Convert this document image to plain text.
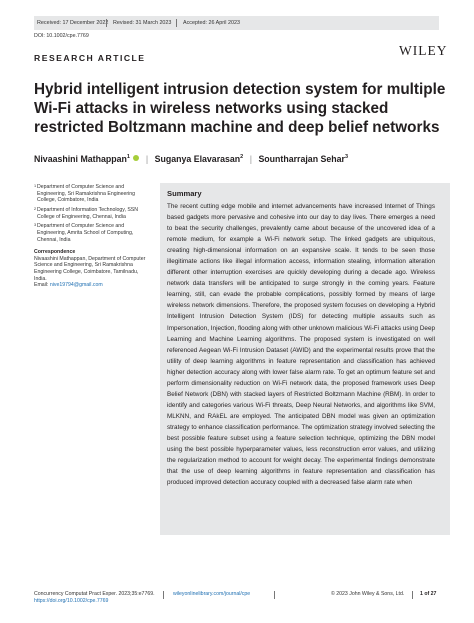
Received: 17 December 2022 Revised: 31 March 2023 Accepted: 26 April 2023
DOI: 10.1002/cpe.7769
WILEY
RESEARCH ARTICLE
Hybrid intelligent intrusion detection system for multiple Wi-Fi attacks in wireless networks using stacked restricted Boltzmann machine and deep belief networks
Nivaashini Mathappan$^1$ | Suganya Elavarasan$^2$ | Sountharrajan Sehar$^3$
1 Department of Computer Science and Engineering, Sri Ramakrishna Engineering College, Coimbatore, India
2 Department of Information Technology, SSN College of Engineering, Chennai, India
3 Department of Computer Science and Engineering, Amrita School of Computing, Chennai, India
Correspondence
Nivaashini Mathappan, Department of Computer Science and Engineering, Sri Ramakrishna Engineering College, Coimbatore, Tamilnadu, India.
Email: nive19794@gmail.com
Summary

The recent cutting edge mobile and internet advancements have increased Internet of Things based gadgets more pervasive and cohesive into our day to day lives. There emerges a need to beat the security challenges, prevalently came about because of the uncovered idea of a remote medium, for example a Wi-Fi network setup. The linked gadgets are ubiquitous, creating high-dimensional information on an expansive scale. It tends to be seen those illegitimate actions like illegal information access, information stealing, information alteration different other interruption exercises are quickly developing during a decade ago. Wireless network data transfers will be anticipated to surge strongly in the coming years. Feature learning, still, can evade the probable complications, possibly formed by means of large wireless network dimensions. Therefore, the proposed system focuses on developing a Hybrid Intelligent Intrusion Detection System (IDS) for detecting multiple assaults such as Impersonation, Injection, flooding along with other unknown malicious Wi-Fi attacks using Deep Learning and Machine Learning algorithms. The proposed system is investigated on well referenced Aegean Wi-Fi Intrusion Dataset (AWID) and the experimental results prove that the utility of deep learning algorithms in feature representation and classification has achieved higher detection accuracy along with lower false alarm rate. To get an optimum feature set and perform dimensionality reduction on Wi-Fi network data, the proposed framework uses Deep Belief Network (DBN) with stacked layers of Restricted Boltzmann Machine (RBM). In order to identify and categories various Wi-Fi threats, Deep Neural Networks, and algorithms like SVM, MLKNN, and RAkEL are employed. The anticipated DBN model was given an optimization strategy to enhance classification performance. The optimization strategy involved selecting the best possible feature subset using a feature selection technique, optimizing the DBN model using the best possible hyperparameter values, less reconstruction error values, and utilizing the regularization method to account for weight decay. The experimental findings demonstrate that the use of deep learning algorithms in feature representation and classification has produced improved detection accuracy coupled with a decreased false alarm rate when

Concurrency Computat Pract Exper. 2023;35:e7769.
https://doi.org/10.1002/cpe.7769
wileyonlinelibrary.com/journal/cpe	© 2023 John Wiley & Sons, Ltd.	1 of 27
